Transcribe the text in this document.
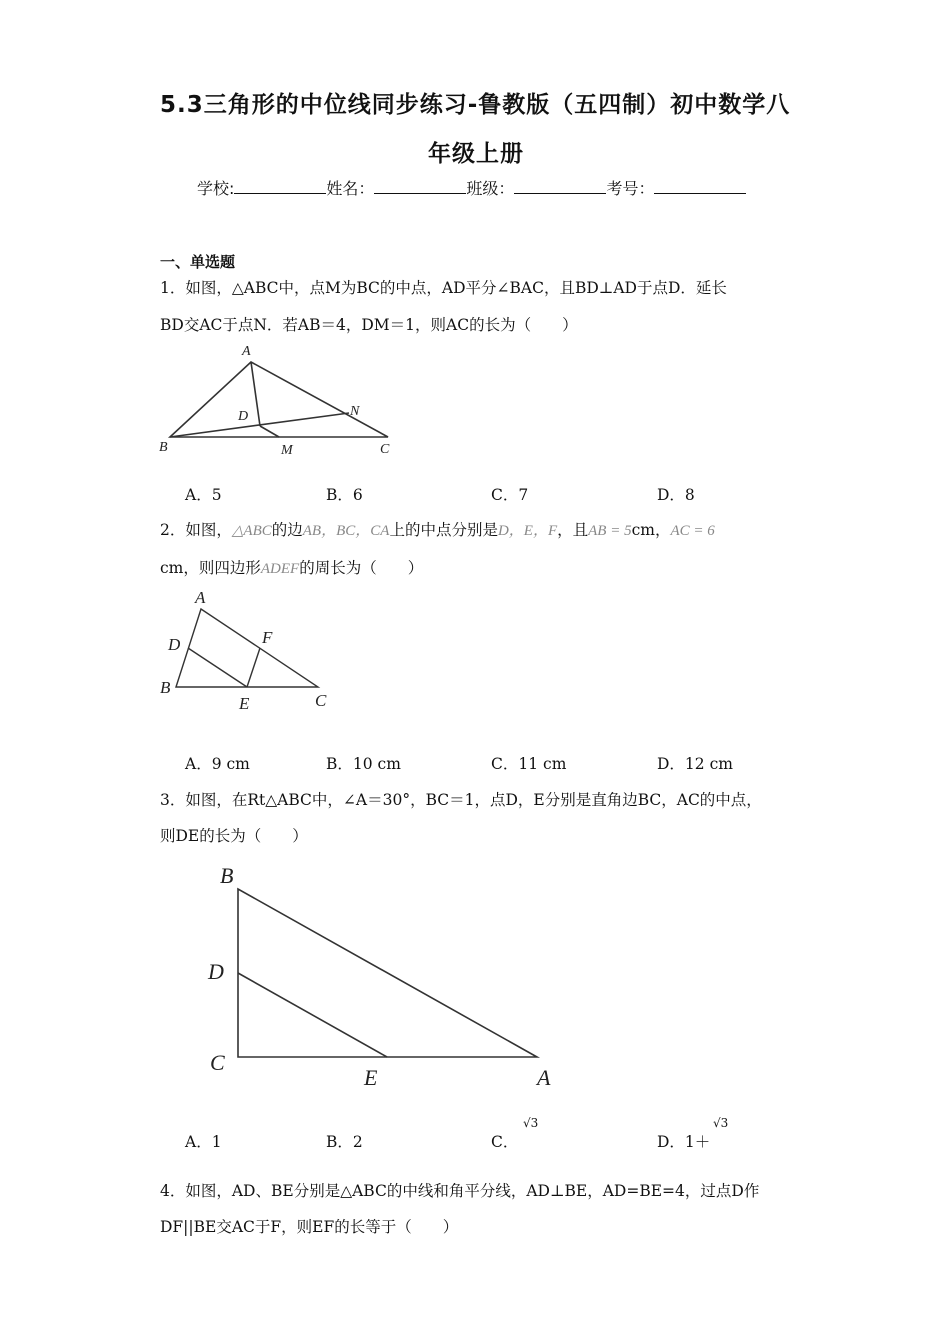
5.3三角形的中位线同步练习-鲁教版（五四制）初中数学八
年级上册
学校:	姓名：	班级：	考号：
一、单选题
1．如图，△ABC中，点M为BC的中点，AD平分∠BAC，且BD⊥AD于点D．延长
BD交AC于点N．若AB＝4，DM＝1，则AC的长为（　　）
A
B	C
D
M
N
A．5	B．6	C．7	D．8
2．如图，△ABC的边AB，BC，CA上的中点分别是D，E，F，且AB = 5cm，AC = 6
cm，则四边形ADEF的周长为（　　）
A
B
C
D
E
F
A．9 cm	B．10 cm	C．11 cm	D．12 cm
3．如图，在Rt△ABC中，∠A＝30°，BC＝1，点D，E分别是直角边BC，AC的中点，
则DE的长为（　　）
B
D
C
E	A
A．1	B．2	C．
√3
D．1＋
√3
4．如图，AD、BE分别是△ABC的中线和角平分线，AD⊥BE，AD=BE=4，过点D作
DF||BE交AC于F，则EF的长等于（　　）
